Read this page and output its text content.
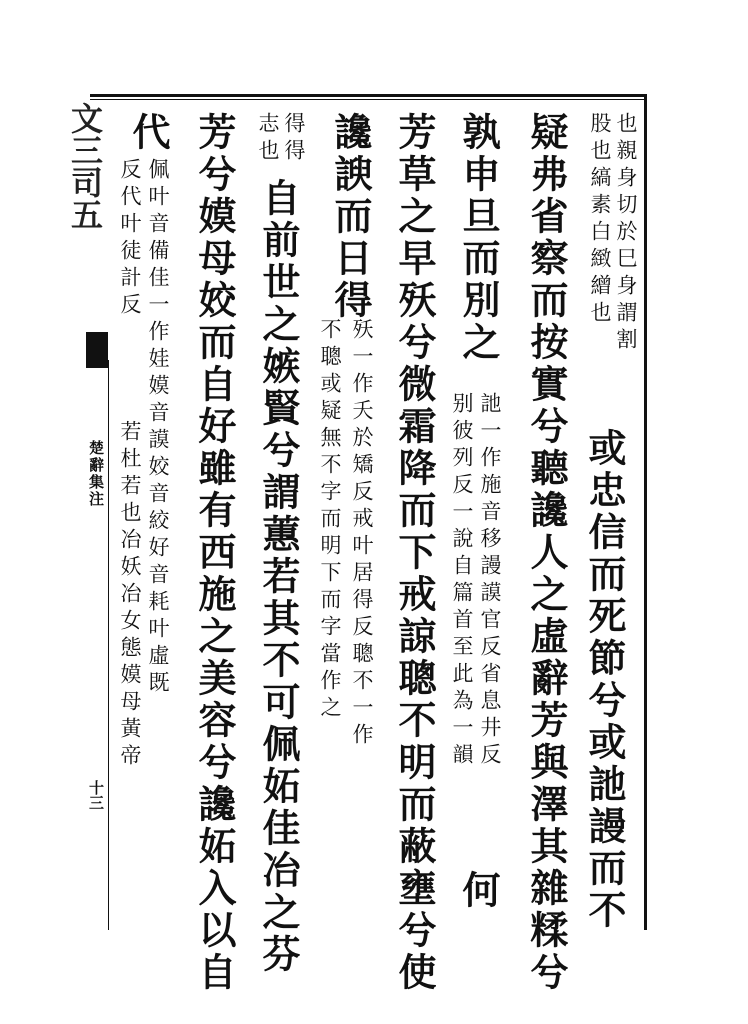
文三司五
楚辭集注
十三
也親身切於巳身謂割
股也縞素白緻繒也
或忠信而死節兮或訑謾而不
疑弗省察而按實兮聽讒人之虛辭芳與澤其雜糅兮
孰申旦而別之
訑一作施音移謾謨官反省息井反
别彼列反一說自篇首至此為一韻
何
芳草之早殀兮微霜降而下戒諒聰不明而蔽壅兮使
讒諛而日得
殀一作夭於矯反戒叶居得反聰不一作
不聰或疑無不字而明下而字當作之
得得
志也
自前世之嫉賢兮謂蕙若其不可佩妬佳冶之芬
芳兮嫫母姣而自好雖有西施之美容兮讒妬入以自
代
佩叶音備佳一作娃嫫音謨姣音絞好音耗叶虛既
反代叶徒計反
若杜若也冶妖冶女態嫫母黃帝
